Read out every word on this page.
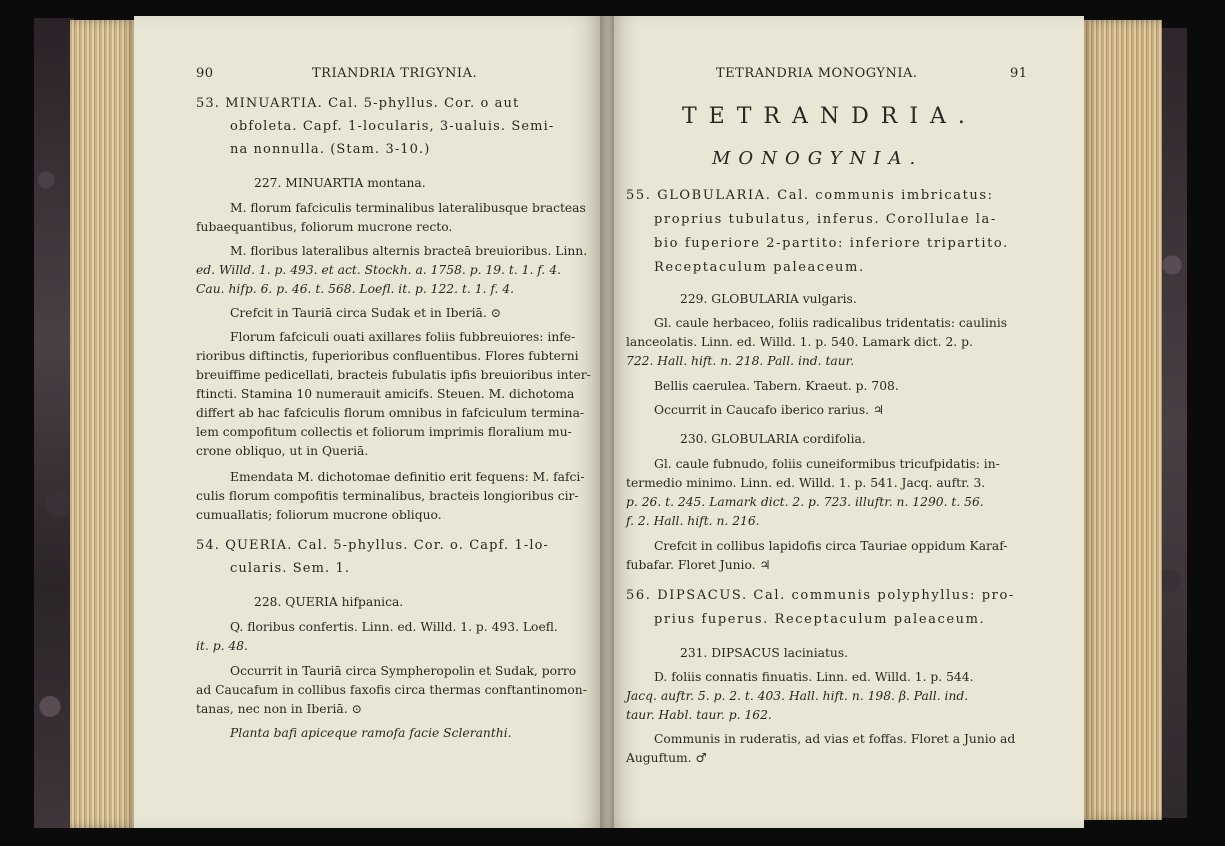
90	TRIANDRIA TRIGYNIA.
53. MINUARTIA. Cal. 5-phyllus. Cor. o aut
obfoleta. Capf. 1-locularis, 3-ualuis. Semi-
na nonnulla. (Stam. 3-10.)
227. MINUARTIA montana.
M. florum fafciculis terminalibus lateralibusque bracteas
fubaequantibus, foliorum mucrone recto.
M. floribus lateralibus alternis bracteā breuioribus. Linn.
ed. Willd. 1. p. 493. et act. Stockh. a. 1758. p. 19. t. 1. f. 4.
Cau. hifp. 6. p. 46. t. 568. Loefl. it. p. 122. t. 1. f. 4.
Crefcit in Tauriā circa Sudak et in Iberiā. ⊙
Florum fafciculi ouati axillares foliis fubbreuiores: infe-
rioribus diftinctis, fuperioribus confluentibus. Flores fubterni
breuiffime pedicellati, bracteis fubulatis ipfis breuioribus inter-
ftincti. Stamina 10 numerauit amicifs. Steuen. M. dichotoma
differt ab hac fafciculis florum omnibus in fafciculum termina-
lem compofitum collectis et foliorum imprimis floralium mu-
crone obliquo, ut in Queriā.
Emendata M. dichotomae definitio erit fequens: M. fafci-
culis florum compofitis terminalibus, bracteis longioribus cir-
cumuallatis; foliorum mucrone obliquo.
54. QUERIA. Cal. 5-phyllus. Cor. o. Capf. 1-lo-
cularis. Sem. 1.
228. QUERIA hifpanica.
Q. floribus confertis. Linn. ed. Willd. 1. p. 493. Loefl.
it. p. 48.
Occurrit in Tauriā circa Sympheropolin et Sudak, porro
ad Caucafum in collibus faxofis circa thermas conftantinomon-
tanas, nec non in Iberiā. ⊙
Planta bafi apiceque ramofa facie Scleranthi.
TETRANDRIA MONOGYNIA.	91
TETRANDRIA.
MONOGYNIA.
55. GLOBULARIA. Cal. communis imbricatus:
proprius tubulatus, inferus. Corollulae la-
bio fuperiore 2-partito: inferiore tripartito.
Receptaculum paleaceum.
229. GLOBULARIA vulgaris.
Gl. caule herbaceo, foliis radicalibus tridentatis: caulinis
lanceolatis. Linn. ed. Willd. 1. p. 540. Lamark dict. 2. p.
722. Hall. hift. n. 218. Pall. ind. taur.
Bellis caerulea. Tabern. Kraeut. p. 708.
Occurrit in Caucafo iberico rarius. ♃
230. GLOBULARIA cordifolia.
Gl. caule fubnudo, foliis cuneiformibus tricufpidatis: in-
termedio minimo. Linn. ed. Willd. 1. p. 541. Jacq. auftr. 3.
p. 26. t. 245. Lamark dict. 2. p. 723. illuftr. n. 1290. t. 56.
f. 2. Hall. hift. n. 216.
Crefcit in collibus lapidofis circa Tauriae oppidum Karaf-
fubafar. Floret Junio. ♃
56. DIPSACUS. Cal. communis polyphyllus: pro-
prius fuperus. Receptaculum paleaceum.
231. DIPSACUS laciniatus.
D. foliis connatis finuatis. Linn. ed. Willd. 1. p. 544.
Jacq. auftr. 5. p. 2. t. 403. Hall. hift. n. 198. β. Pall. ind.
taur. Habl. taur. p. 162.
Communis in ruderatis, ad vias et foffas. Floret a Junio ad
Auguftum. ♂
